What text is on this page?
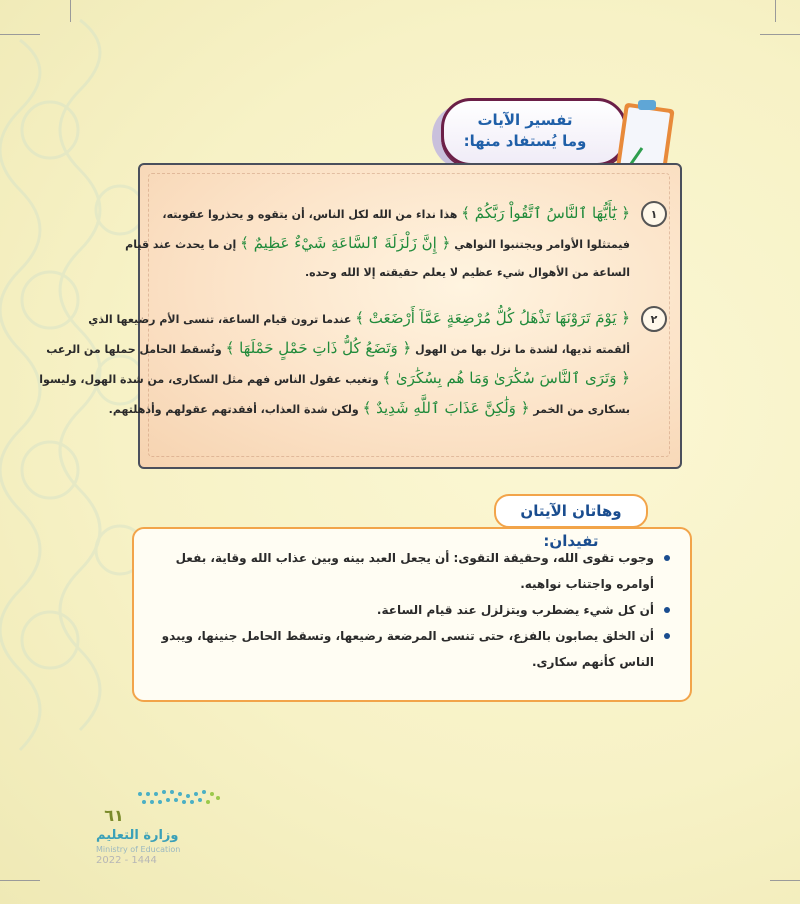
تفسير الآيات
وما يُستفاد منها:
١
﴿ يَٰٓأَيُّهَا ٱلنَّاسُ ٱتَّقُواْ رَبَّكُمْ ﴾ هذا نداء من الله لكل الناس، أن يتقوه و يحذروا عقوبته،
فيمتثلوا الأوامر ويجتنبوا النواهي ﴿ إِنَّ زَلْزَلَةَ ٱلسَّاعَةِ شَيْءٌ عَظِيمٌ ﴾ إن ما يحدث عند قيام
الساعة من الأهوال شيء عظيم لا يعلم حقيقته إلا الله وحده.
٢
﴿ يَوْمَ تَرَوْنَهَا تَذْهَلُ كُلُّ مُرْضِعَةٍ عَمَّآ أَرْضَعَتْ ﴾ عندما ترون قيام الساعة، تنسى الأم رضيعها الذي
ألقمته ثديها، لشدة ما نزل بها من الهول ﴿ وَتَضَعُ كُلُّ ذَاتِ حَمْلٍ حَمْلَهَا ﴾ وتُسقط الحامل حملها من الرعب
﴿ وَتَرَى ٱلنَّاسَ سُكَٰرَىٰ وَمَا هُم بِسُكَٰرَىٰ ﴾ وتغيب عقول الناس فهم مثل السكارى، من شدة الهول، وليسوا
بسكارى من الخمر ﴿ وَلَٰكِنَّ عَذَابَ ٱللَّهِ شَدِيدٌ ﴾ ولكن شدة العذاب، أفقدتهم عقولهم وأذهلتهم.
وهاتان الآيتان تفيدان:
وجوب تقوى الله، وحقيقة التقوى: أن يجعل العبد بينه وبين عذاب الله وقاية، بفعل أوامره واجتناب نواهيه.
أن كل شيء يضطرب ويتزلزل عند قيام الساعة.
أن الخلق يصابون بالفزع، حتى تنسى المرضعة رضيعها، وتسقط الحامل جنينها، ويبدو الناس كأنهم سكارى.
٦١
وزارة التعليم
Ministry of Education
2022 - 1444
